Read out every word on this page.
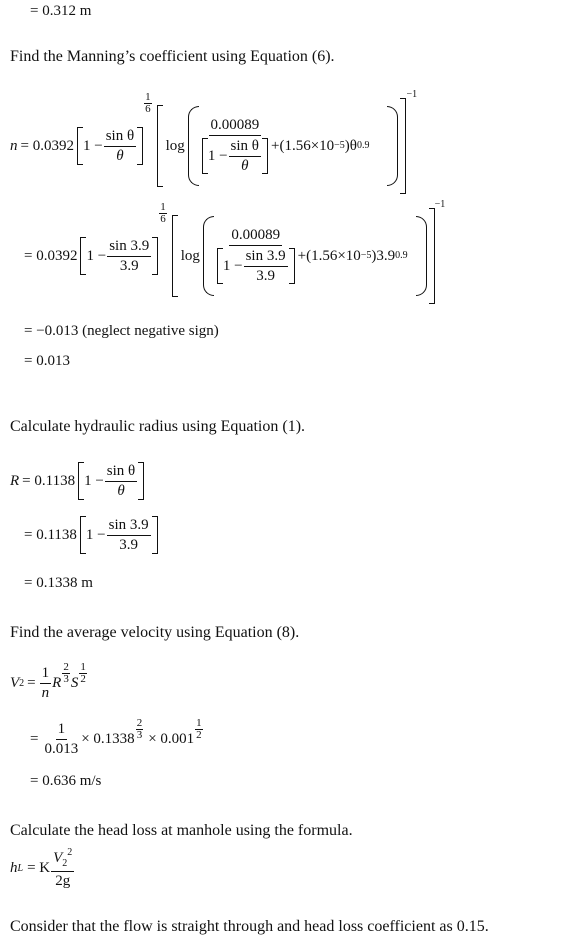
= 0.312 m
Find the Manning’s coefficient using Equation (6).
n = 0.0392 $1 - \frac{\text{sin θ}}{\theta}$
$\frac{1}{6}$
$\log \frac{0.00089}{1 - \frac{\text{sin θ}}{\theta}} +(1.56\times 10 -5$ )θ 0.9
−1
= 0.0392 $1 - \frac{\sin 3.9}{3.9}$
$\frac{1}{6}$
$\log \frac{0.00089}{1 - \frac{\sin 3.9}{3.9}} +(1.56\times 10 -5$ )3.9 0.9
−1
= −0.013 (neglect negative sign)
= 0.013
Calculate hydraulic radius using Equation (1).
R = 0.1138 $1 - \frac{\text{sin θ}}{\theta}$
= 0.1138 $1 - \frac{\sin 3.9}{3.9}$
= 0.1338 m
Find the average velocity using Equation (8).
V $2 = \frac{1}{n}$ R $\frac{2}{3}$ S $\frac{1}{2}$
= $\frac{1}{0.013} \times 0.1338 \frac{2}{3} \times 0.001 \frac{1}{2}$
= 0.636 m/s
Calculate the head loss at manhole using the formula.
h L = K $\frac{V_2^2}{2g}$
Consider that the flow is straight through and head loss coefficient as 0.15.
